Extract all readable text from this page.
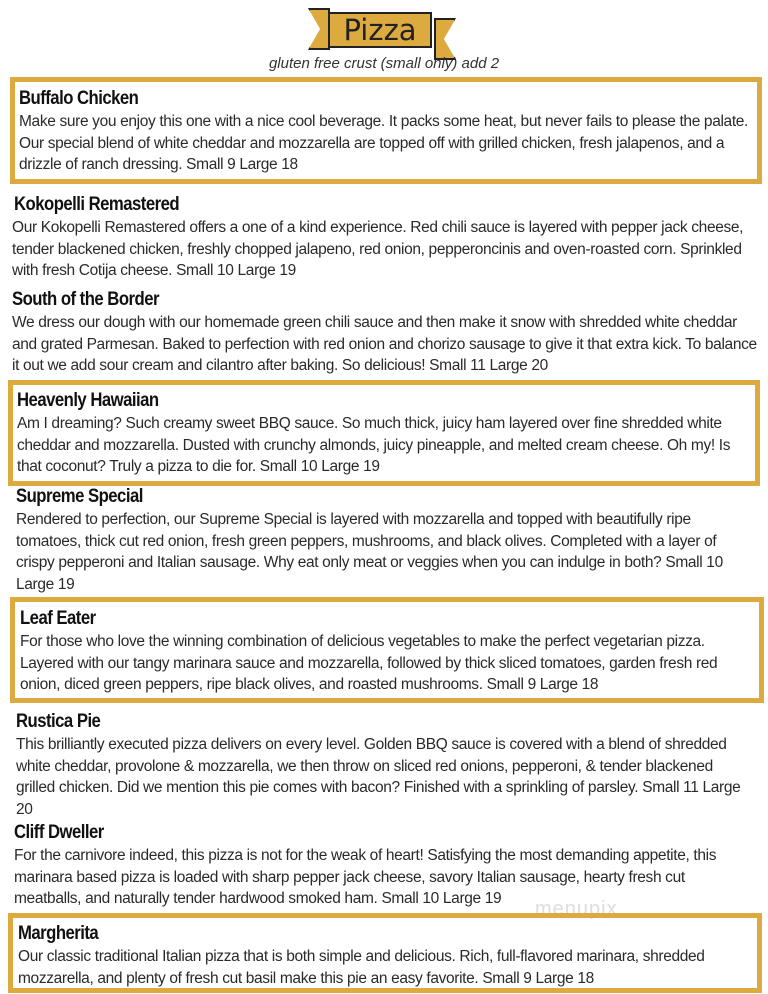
Pizza
gluten free crust (small only) add 2
Buffalo Chicken
Make sure you enjoy this one with a nice cool beverage. It packs some heat, but never fails to please the palate. Our special blend of white cheddar and mozzarella are topped off with grilled chicken, fresh jalapenos, and a drizzle of ranch dressing. Small 9 Large 18
Kokopelli Remastered
Our Kokopelli Remastered offers a one of a kind experience. Red chili sauce is layered with pepper jack cheese, tender blackened chicken, freshly chopped jalapeno, red onion, pepperoncinis and oven-roasted corn. Sprinkled with fresh Cotija cheese. Small 10 Large 19
South of the Border
We dress our dough with our homemade green chili sauce and then make it snow with shredded white cheddar and grated Parmesan. Baked to perfection with red onion and chorizo sausage to give it that extra kick. To balance it out we add sour cream and cilantro after baking. So delicious! Small 11 Large 20
Heavenly Hawaiian
Am I dreaming? Such creamy sweet BBQ sauce. So much thick, juicy ham layered over fine shredded white cheddar and mozzarella. Dusted with crunchy almonds, juicy pineapple, and melted cream cheese. Oh my! Is that coconut? Truly a pizza to die for. Small 10 Large 19
Supreme Special
Rendered to perfection, our Supreme Special is layered with mozzarella and topped with beautifully ripe tomatoes, thick cut red onion, fresh green peppers, mushrooms, and black olives. Completed with a layer of crispy pepperoni and Italian sausage. Why eat only meat or veggies when you can indulge in both? Small 10 Large 19
Leaf Eater
For those who love the winning combination of delicious vegetables to make the perfect vegetarian pizza. Layered with our tangy marinara sauce and mozzarella, followed by thick sliced tomatoes, garden fresh red onion, diced green peppers, ripe black olives, and roasted mushrooms. Small 9 Large 18
Rustica Pie
This brilliantly executed pizza delivers on every level. Golden BBQ sauce is covered with a blend of shredded white cheddar, provolone & mozzarella, we then throw on sliced red onions, pepperoni, & tender blackened grilled chicken. Did we mention this pie comes with bacon? Finished with a sprinkling of parsley. Small 11 Large 20
Cliff Dweller
For the carnivore indeed, this pizza is not for the weak of heart! Satisfying the most demanding appetite, this marinara based pizza is loaded with sharp pepper jack cheese, savory Italian sausage, hearty fresh cut meatballs, and naturally tender hardwood smoked ham. Small 10 Large 19	menupix
Margherita
Our classic traditional Italian pizza that is both simple and delicious. Rich, full-flavored marinara, shredded mozzarella, and plenty of fresh cut basil make this pie an easy favorite. Small 9 Large 18
